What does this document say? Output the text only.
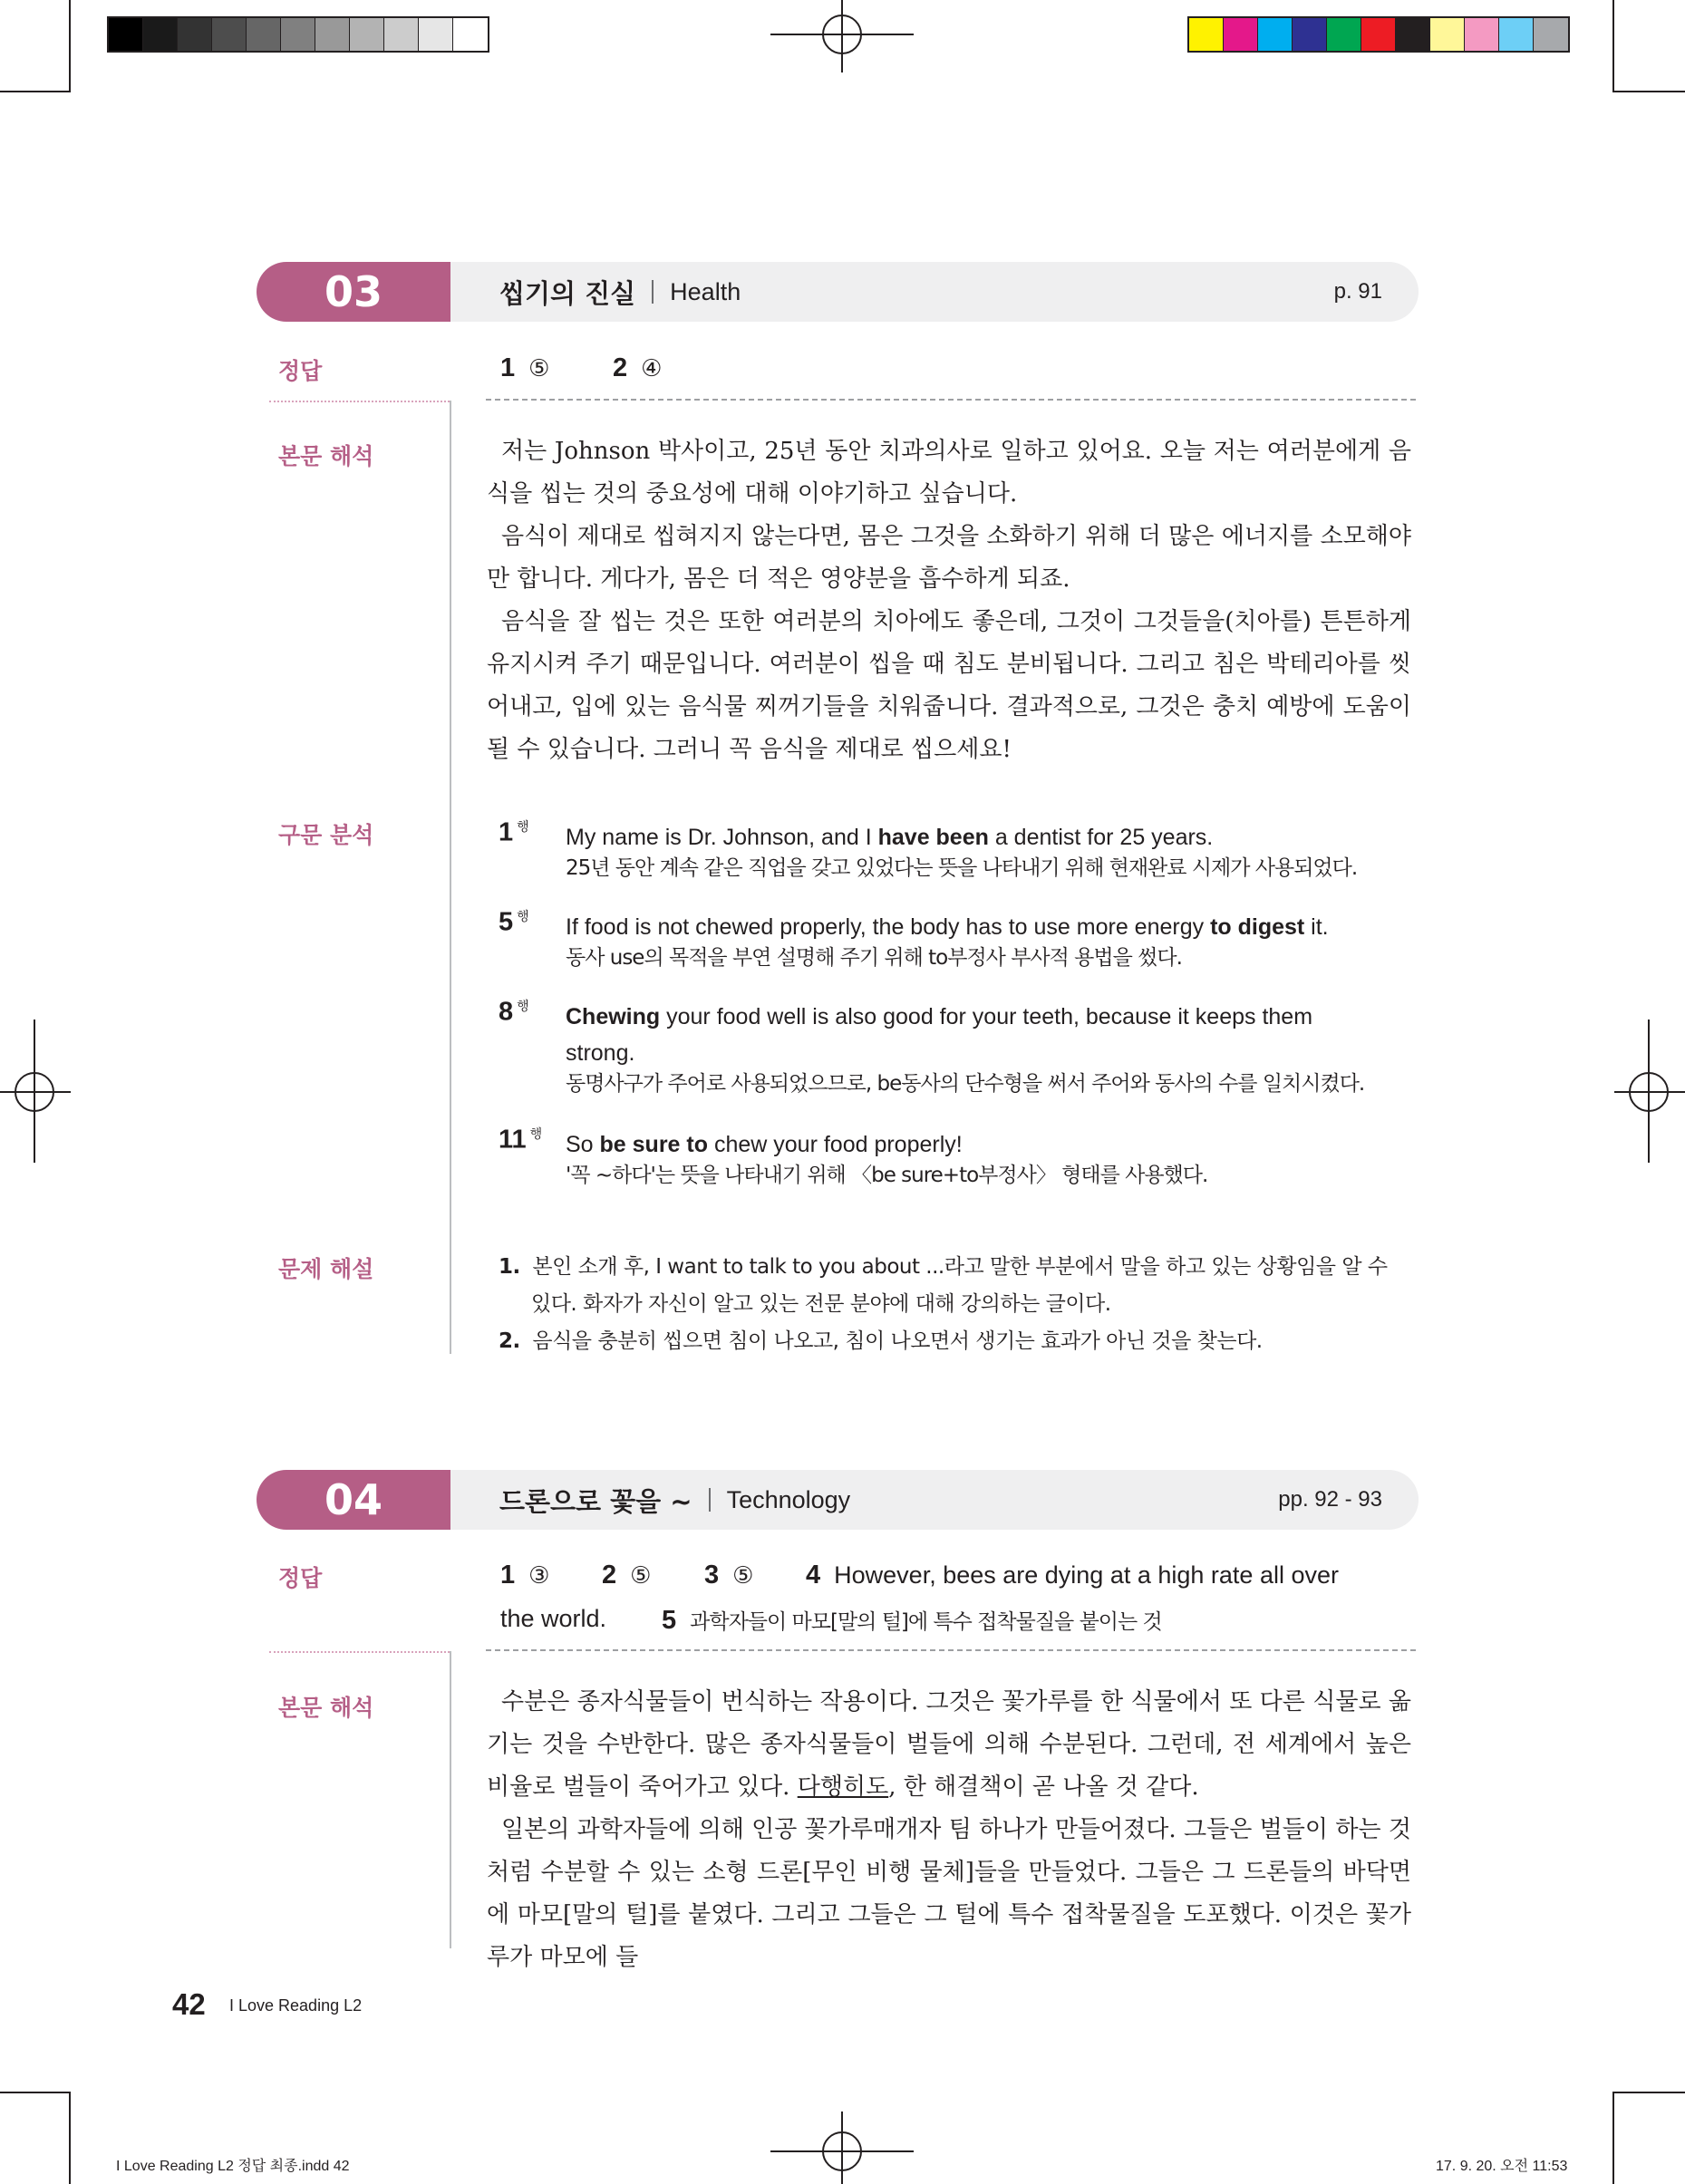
03	씹기의 진실 Health	p. 91
정답	1 ⑤ 2 ④
본문 해석	저는 Johnson 박사이고, 25년 동안 치과의사로 일하고 있어요. 오늘 저는 여러분에게 음식을 씹는 것의 중요성에 대해 이야기하고 싶습니다.

음식이 제대로 씹혀지지 않는다면, 몸은 그것을 소화하기 위해 더 많은 에너지를 소모해야만 합니다. 게다가, 몸은 더 적은 영양분을 흡수하게 되죠.

음식을 잘 씹는 것은 또한 여러분의 치아에도 좋은데, 그것이 그것들을(치아를) 튼튼하게 유지시켜 주기 때문입니다. 여러분이 씹을 때 침도 분비됩니다. 그리고 침은 박테리아를 씻어내고, 입에 있는 음식물 찌꺼기들을 치워줍니다. 결과적으로, 그것은 충치 예방에 도움이 될 수 있습니다. 그러니 꼭 음식을 제대로 씹으세요!

구문 분석	1 $^행$ My name is Dr. Johnson, and I have been a dentist for 25 years.
25년 동안 계속 같은 직업을 갖고 있었다는 뜻을 나타내기 위해 현재완료 시제가 사용되었다.
5 $^행$ If food is not chewed properly, the body has to use more energy to digest it.
동사 use의 목적을 부연 설명해 주기 위해 to부정사 부사적 용법을 썼다.
8 $^행$ Chewing your food well is also good for your teeth, because it keeps them strong.
동명사구가 주어로 사용되었으므로, be동사의 단수형을 써서 주어와 동사의 수를 일치시켰다.
11 $^행$ So be sure to chew your food properly!
'꼭 ~하다'는 뜻을 나타내기 위해 〈be sure+to부정사〉 형태를 사용했다.
문제 해설	1. 본인 소개 후, I want to talk to you about ...라고 말한 부분에서 말을 하고 있는 상황임을 알 수
있다. 화자가 자신이 알고 있는 전문 분야에 대해 강의하는 글이다.
2. 음식을 충분히 씹으면 침이 나오고, 침이 나오면서 생기는 효과가 아닌 것을 찾는다.
04	드론으로 꽃을 ~ Technology	pp. 92 - 93
정답	1 ③ 2 ⑤ 3 ⑤ 4 However, bees are dying at a high rate all over
the world. 5 과학자들이 마모[말의 털]에 특수 접착물질을 붙이는 것
본문 해석	수분은 종자식물들이 번식하는 작용이다. 그것은 꽃가루를 한 식물에서 또 다른 식물로 옮기는 것을 수반한다. 많은 종자식물들이 벌들에 의해 수분된다. 그런데, 전 세계에서 높은 비율로 벌들이 죽어가고 있다. 다행히도, 한 해결책이 곧 나올 것 같다.

일본의 과학자들에 의해 인공 꽃가루매개자 팀 하나가 만들어졌다. 그들은 벌들이 하는 것처럼 수분할 수 있는 소형 드론[무인 비행 물체]들을 만들었다. 그들은 그 드론들의 바닥면에 마모[말의 털]를 붙였다. 그리고 그들은 그 털에 특수 접착물질을 도포했다. 이것은 꽃가루가 마모에 들

42 I Love Reading L2
I Love Reading L2 정답 최종.indd 42	17. 9. 20. 오전 11:53
